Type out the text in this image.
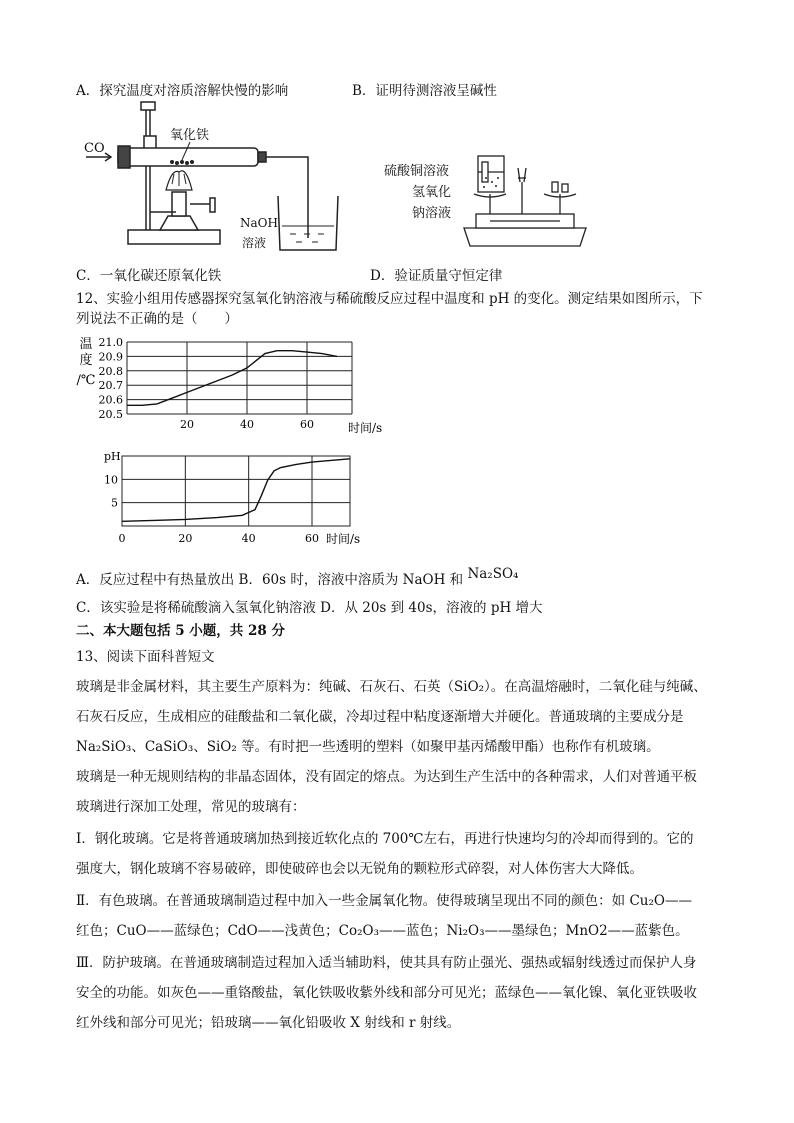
A．探究温度对溶质溶解快慢的影响	B．证明待测溶液呈碱性
CO
氧化铁
NaOH
溶液
硫酸铜溶液
氢氧化
钠溶液
C．一氧化碳还原氧化铁	D．验证质量守恒定律
12、实验小组用传感器探究氢氧化钠溶液与稀硫酸反应过程中温度和 pH 的变化。测定结果如图所示，下
列说法不正确的是（　　）
20.5
20.6
20.7
20.8
20.9
21.0
20	40	60
温
度
/℃
时间/s
5
10
0	20	40	60
pH
时间/s
A．反应过程中有热量放出 B．60s 时，溶液中溶质为 NaOH 和 Na₂SO₄
C．该实验是将稀硫酸滴入氢氧化钠溶液 D．从 20s 到 40s，溶液的 pH 增大
二、本大题包括 5 小题，共 28 分
13、阅读下面科普短文
玻璃是非金属材料，其主要生产原料为：纯碱、石灰石、石英（SiO₂）。在高温熔融时，二氧化硅与纯碱、
石灰石反应，生成相应的硅酸盐和二氧化碳，冷却过程中粘度逐渐增大并硬化。普通玻璃的主要成分是
Na₂SiO₃、CaSiO₃、SiO₂ 等。有时把一些透明的塑料（如聚甲基丙烯酸甲酯）也称作有机玻璃。
玻璃是一种无规则结构的非晶态固体，没有固定的熔点。为达到生产生活中的各种需求，人们对普通平板
玻璃进行深加工处理，常见的玻璃有：
Ⅰ．钢化玻璃。它是将普通玻璃加热到接近软化点的 700℃左右，再进行快速均匀的冷却而得到的。它的
强度大，钢化玻璃不容易破碎，即使破碎也会以无锐角的颗粒形式碎裂，对人体伤害大大降低。
Ⅱ．有色玻璃。在普通玻璃制造过程中加入一些金属氧化物。使得玻璃呈现出不同的颜色：如 Cu₂O——
红色；CuO——蓝绿色；CdO——浅黄色；Co₂O₃——蓝色；Ni₂O₃——墨绿色；MnO2——蓝紫色。
Ⅲ．防护玻璃。在普通玻璃制造过程加入适当辅助料，使其具有防止强光、强热或辐射线透过而保护人身
安全的功能。如灰色——重铬酸盐，氧化铁吸收紫外线和部分可见光；蓝绿色——氧化镍、氧化亚铁吸收
红外线和部分可见光；铅玻璃——氧化铅吸收 X 射线和 r 射线。
